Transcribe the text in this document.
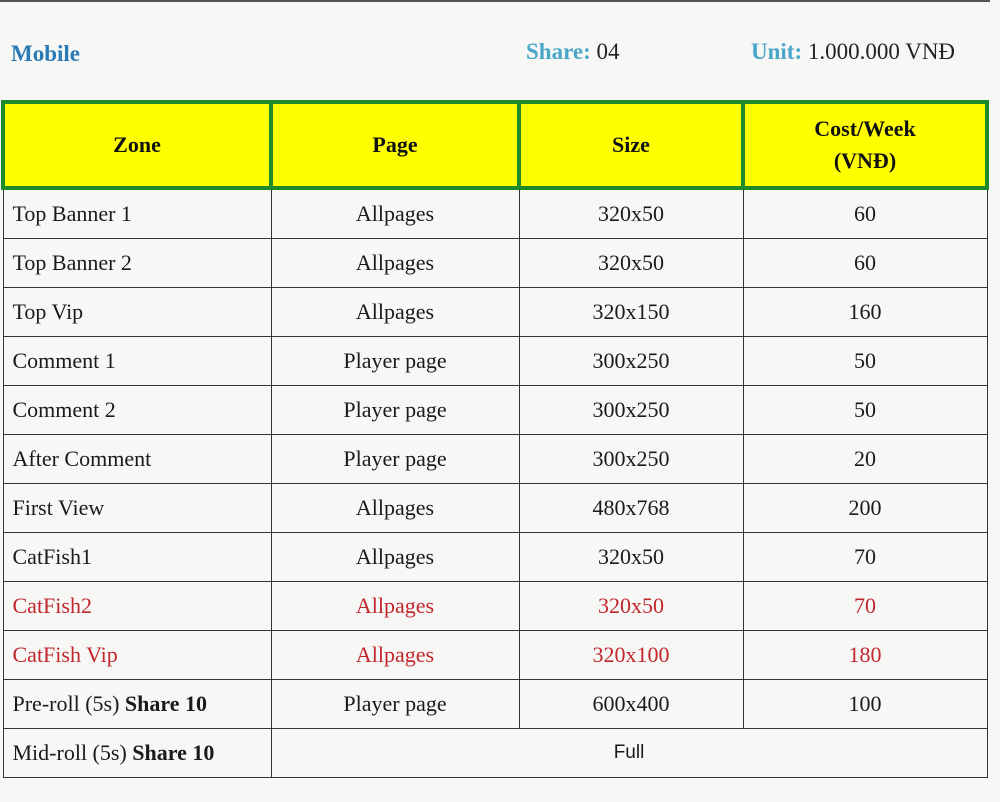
Mobile	Share: 04	Unit: 1.000.000 VNĐ
Zone	Page	Size	Cost/Week
(VNĐ)
Top Banner 1	Allpages	320x50	60
Top Banner 2	Allpages	320x50	60
Top Vip	Allpages	320x150	160
Comment 1	Player page	300x250	50
Comment 2	Player page	300x250	50
After Comment	Player page	300x250	20
First View	Allpages	480x768	200
CatFish1	Allpages	320x50	70
CatFish2	Allpages	320x50	70
CatFish Vip	Allpages	320x100	180
Pre-roll (5s) Share 10	Player page	600x400	100
Mid-roll (5s) Share 10	Full		
